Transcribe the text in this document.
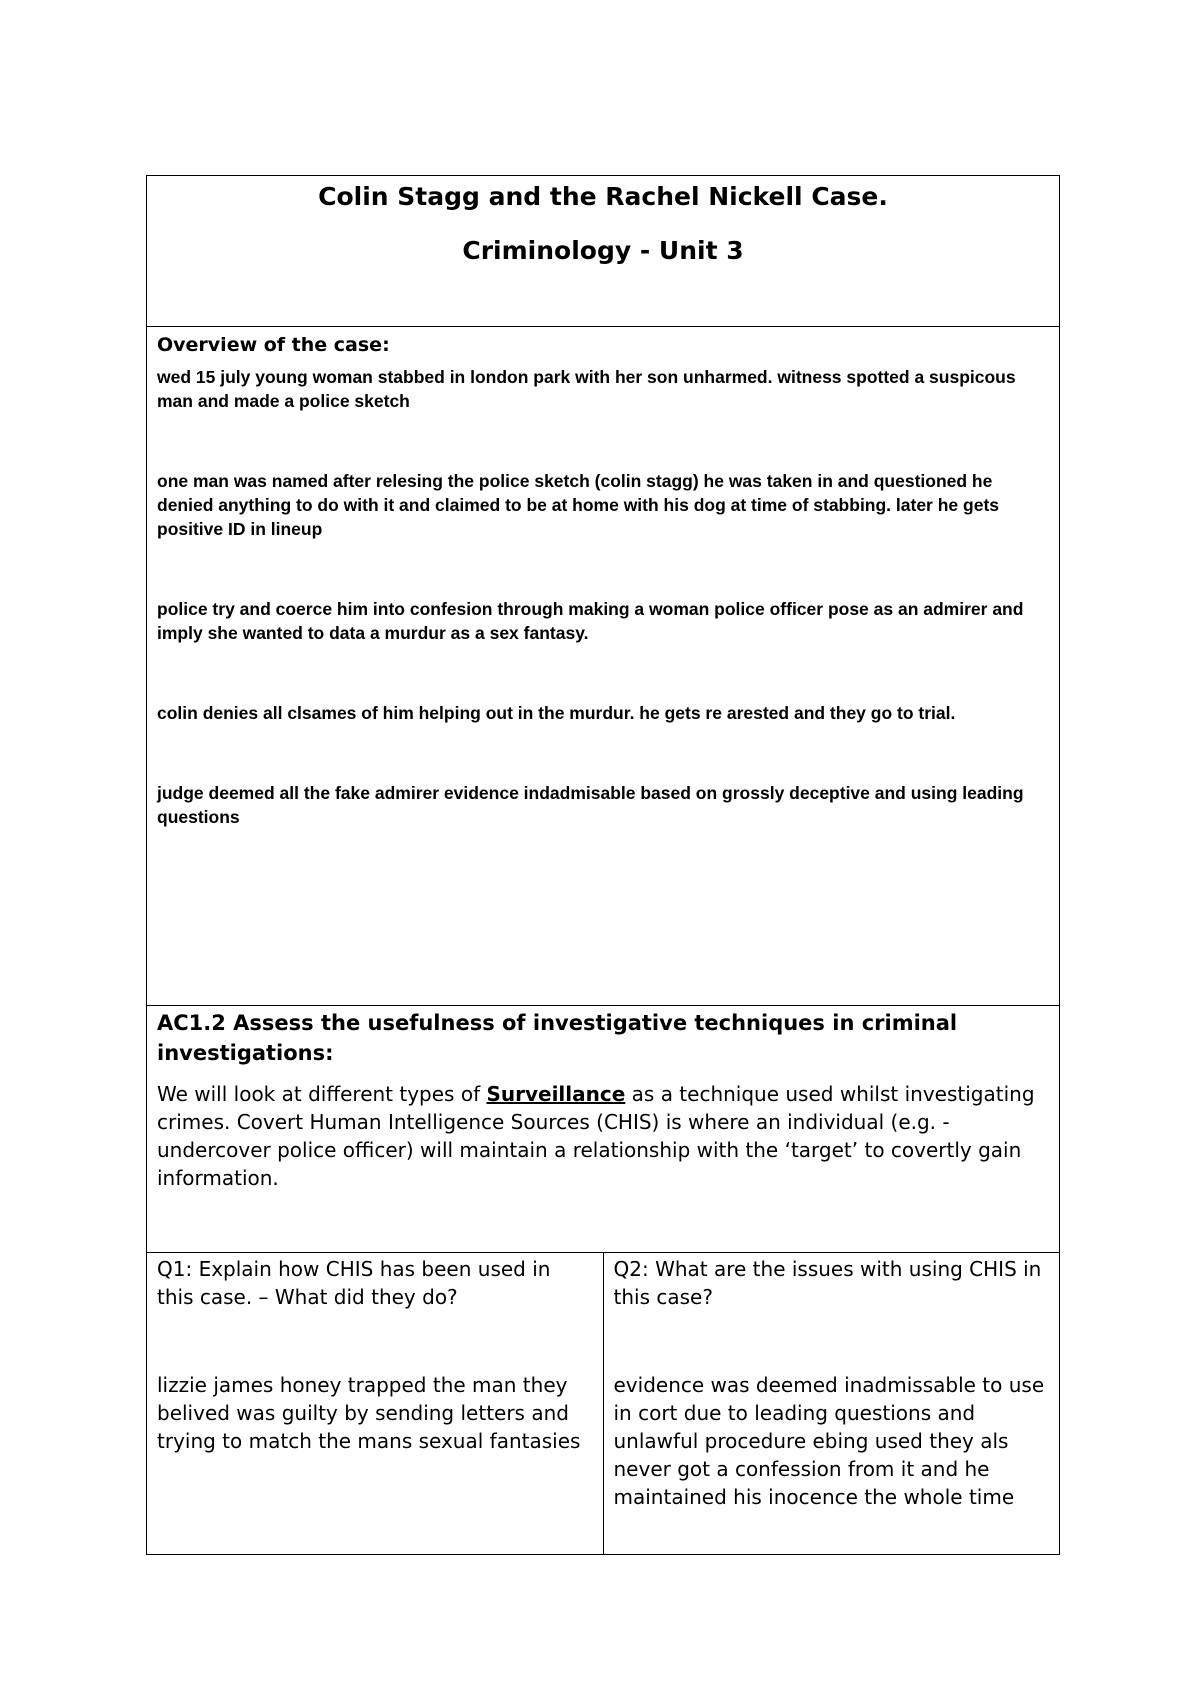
Colin Stagg and the Rachel Nickell Case.

Criminology - Unit 3

Overview of the case:

wed 15 july young woman stabbed in london park with her son unharmed. witness spotted a suspicous man and made a police sketch

one man was named after relesing the police sketch (colin stagg) he was taken in and questioned he denied anything to do with it and claimed to be at home with his dog at time of stabbing. later he gets positive ID in lineup

police try and coerce him into confesion through making a woman police officer pose as an admirer and imply she wanted to data a murdur as a sex fantasy.

colin denies all clsames of him helping out in the murdur. he gets re arested and they go to trial.

judge deemed all the fake admirer evidence indadmisable based on grossly deceptive and using leading questions

AC1.2 Assess the usefulness of investigative techniques in criminal investigations:

We will look at different types of Surveillance as a technique used whilst investigating crimes. Covert Human Intelligence Sources (CHIS) is where an individual (e.g. - undercover police officer) will maintain a relationship with the ‘target’ to covertly gain information.

Q1: Explain how CHIS has been used in this case. – What did they do?

lizzie james honey trapped the man they belived was guilty by sending letters and trying to match the mans sexual fantasies

Q2: What are the issues with using CHIS in this case?

evidence was deemed inadmissable to use in cort due to leading questions and unlawful procedure ebing used they als never got a confession from it and he maintained his inocence the whole time
